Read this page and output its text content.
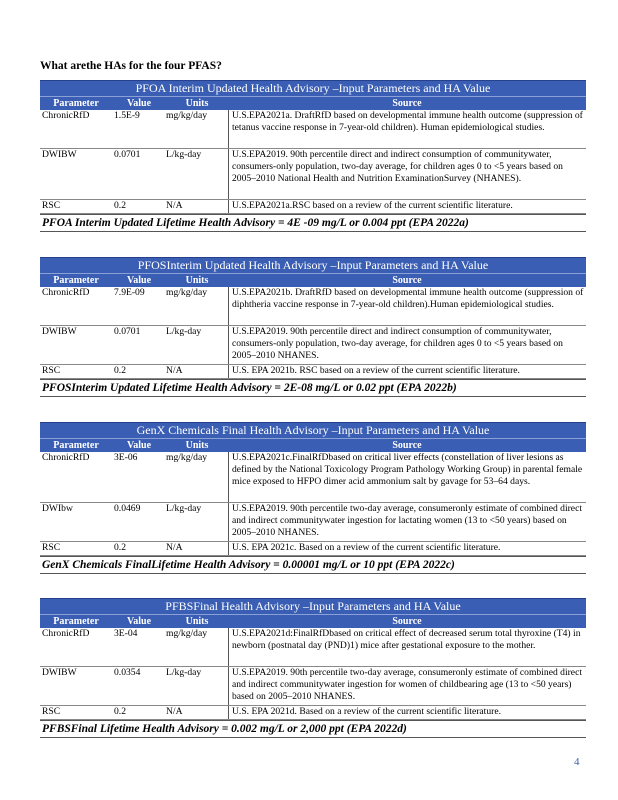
What arethe HAs for the four PFAS?
PFOA Interim Updated Health Advisory –Input Parameters and HA Value
Parameter	Value	Units	Source
ChronicRfD	1.5E-9	mg/kg/day	U.S.EPA2021a. DraftRfD based on developmental immune health outcome (suppression of tetanus vaccine response in 7-year-old children). Human epidemiological studies.
DWIBW	0.0701	L/kg-day	U.S.EPA2019. 90th percentile direct and indirect consumption of communitywater, consumers-only population, two-day average, for children ages 0 to <5 years based on 2005–2010 National Health and Nutrition ExaminationSurvey (NHANES).
RSC	0.2	N/A	U.S.EPA2021a.RSC based on a review of the current scientific literature.
PFOA Interim Updated Lifetime Health Advisory = 4E -09 mg/L or 0.004 ppt (EPA 2022a)
PFOSInterim Updated Health Advisory –Input Parameters and HA Value
Parameter	Value	Units	Source
ChronicRfD	7.9E-09	mg/kg/day	U.S.EPA2021b. DraftRfD based on developmental immune health outcome (suppression of diphtheria vaccine response in 7-year-old children).Human epidemiological studies.
DWIBW	0.0701	L/kg-day	U.S.EPA2019. 90th percentile direct and indirect consumption of communitywater, consumers-only population, two-day average, for children ages 0 to <5 years based on 2005–2010 NHANES.
RSC	0.2	N/A	U.S. EPA 2021b. RSC based on a review of the current scientific literature.
PFOSInterim Updated Lifetime Health Advisory = 2E-08 mg/L or 0.02 ppt (EPA 2022b)
GenX Chemicals Final Health Advisory –Input Parameters and HA Value
Parameter	Value	Units	Source
ChronicRfD	3E-06	mg/kg/day	U.S.EPA2021c.FinalRfDbased on critical liver effects (constellation of liver lesions as defined by the National Toxicology Program Pathology Working Group) in parental female mice exposed to HFPO dimer acid ammonium salt by gavage for 53–64 days.
DWIbw	0.0469	L/kg-day	U.S.EPA2019. 90th percentile two-day average, consumeronly estimate of combined direct and indirect communitywater ingestion for lactating women (13 to <50 years) based on 2005–2010 NHANES.
RSC	0.2	N/A	U.S. EPA 2021c. Based on a review of the current scientific literature.
GenX Chemicals FinalLifetime Health Advisory = 0.00001 mg/L or 10 ppt (EPA 2022c)
PFBSFinal Health Advisory –Input Parameters and HA Value
Parameter	Value	Units	Source
ChronicRfD	3E-04	mg/kg/day	U.S.EPA2021d:FinalRfDbased on critical effect of decreased serum total thyroxine (T4) in newborn (postnatal day (PND)1) mice after gestational exposure to the mother.
DWIBW	0.0354	L/kg-day	U.S.EPA2019. 90th percentile two-day average, consumeronly estimate of combined direct and indirect communitywater ingestion for women of childbearing age (13 to <50 years) based on 2005–2010 NHANES.
RSC	0.2	N/A	U.S. EPA 2021d. Based on a review of the current scientific literature.
PFBSFinal Lifetime Health Advisory = 0.002 mg/L or 2,000 ppt (EPA 2022d)
4
